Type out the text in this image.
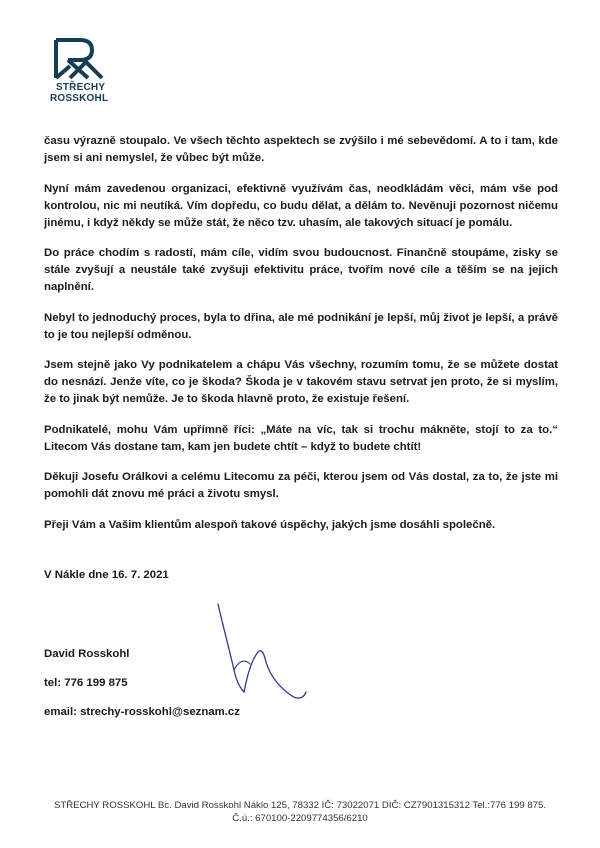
STŘECHY
ROSSKOHL

času výrazně stoupalo. Ve všech těchto aspektech se zvýšilo i mé sebevědomí. A to i tam, kde jsem si ani nemyslel, že vůbec být může.

Nyní mám zavedenou organizaci, efektivně využívám čas, neodkládám věci, mám vše pod kontrolou, nic mi neutíká. Vím dopředu, co budu dělat, a dělám to. Nevěnuji pozornost ničemu jinému, i když někdy se může stát, že něco tzv. uhasím, ale takových situací je pomálu.

Do práce chodím s radostí, mám cíle, vidím svou budoucnost. Finančně stoupáme, zisky se stále zvyšují a neustále také zvyšuji efektivitu práce, tvořím nové cíle a těším se na jejich naplnění.

Nebyl to jednoduchý proces, byla to dřina, ale mé podnikání je lepší, můj život je lepší, a právě to je tou nejlepší odměnou.

Jsem stejně jako Vy podnikatelem a chápu Vás všechny, rozumím tomu, že se můžete dostat do nesnází. Jenže víte, co je škoda? Škoda je v takovém stavu setrvat jen proto, že si myslím, že to jinak být nemůže. Je to škoda hlavně proto, že existuje řešení.

Podnikatelé, mohu Vám upřímně říci: „Máte na víc, tak si trochu mákněte, stojí to za to.“ Litecom Vás dostane tam, kam jen budete chtít – když to budete chtít!

Děkuji Josefu Orálkovi a celému Litecomu za péči, kterou jsem od Vás dostal, za to, že jste mi pomohli dát znovu mé práci a životu smysl.

Přeji Vám a Vašim klientům alespoň takové úspěchy, jakých jsme dosáhli společně.

V Nákle dne 16. 7. 2021
David Rosskohl
tel: 776 199 875
email: strechy-rosskohl@seznam.cz
STŘECHY ROSSKOHL Bc. David Rosskohl Náklo 125, 78332 IČ: 73022071 DIČ: CZ7901315312 Tel.:776 199 875.
Č.ú.: 670100-2209774356/6210
